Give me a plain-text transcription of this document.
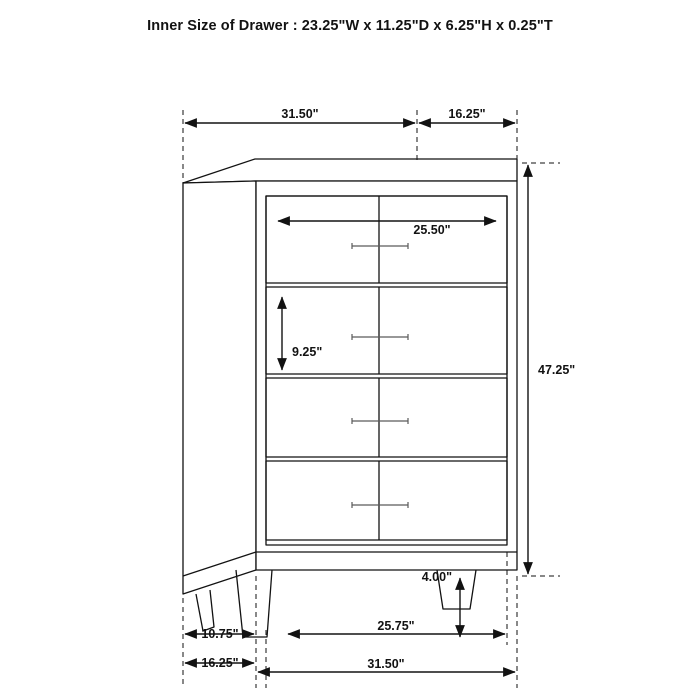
Inner Size of Drawer : 23.25"W x 11.25"D x 6.25"H x 0.25"T
31.50"	16.25"
25.50"
9.25"
47.25"
4.00"
10.75"
16.25"
25.75"
31.50"
